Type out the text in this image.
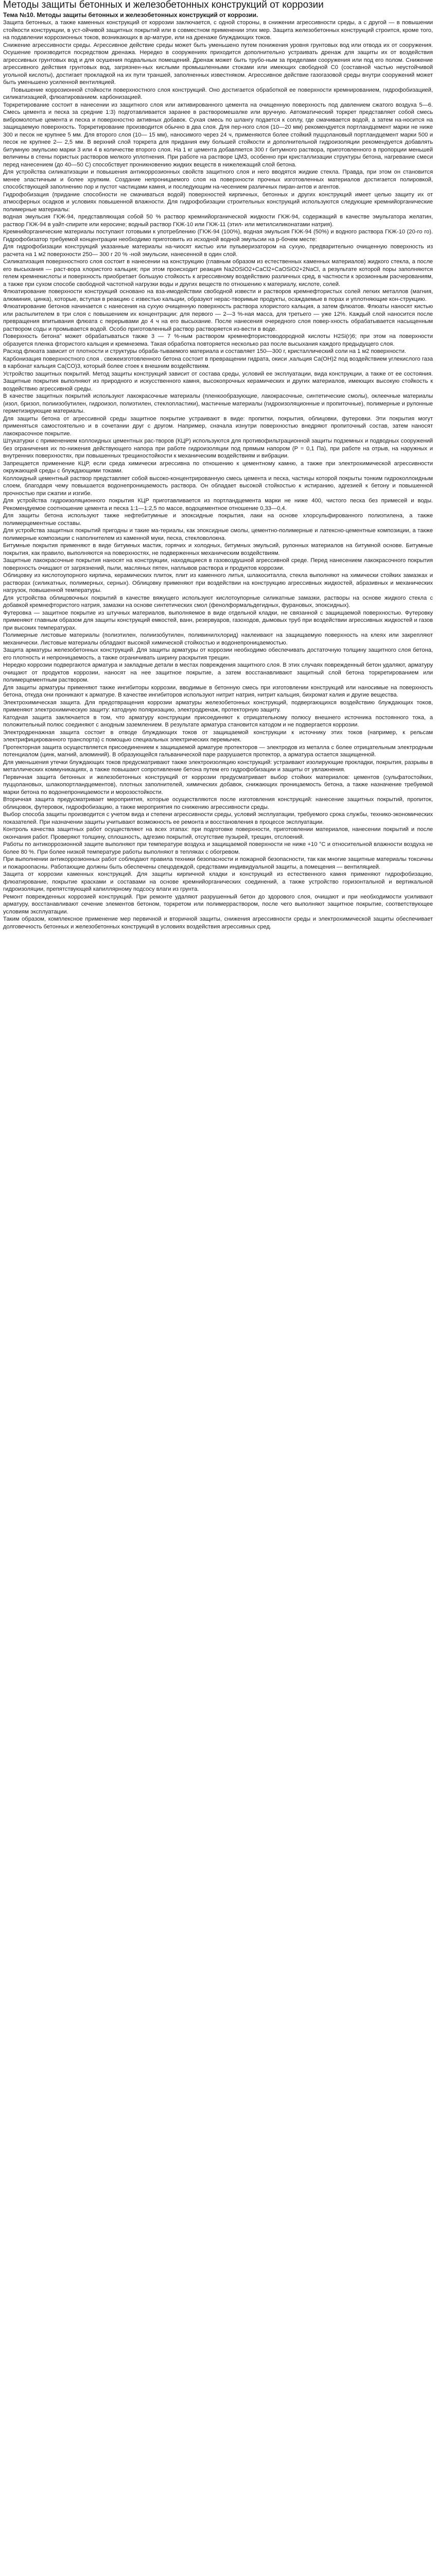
Методы защиты бетонных и железобетонных конструкций от коррозии
Тема №10. Методы защиты бетонных и железобетонных конструкций от коррозии.

Защита бетонных, а также каменных конструкций от коррозии заключается, с одной стороны, в снижении агрессивности среды, а с другой — в повышении стойкости конструкции, в уст-ойчивой защитных покрытий или в совместном применении этих мер. Защита железобетонных конструкций строится, кроме того, на подавлении коррозионных токов, возникающих в ар-матуре, или на дренаже блуждающих токов.

Снижение агрессивности среды. Агрессивное действие среды может быть уменьшено путем понижения уровня грунтовых вод или отвода их от сооружения. Осушение производится посредством дренажа. Нередко в сооружениях приходится дополнительно устраивать дренаж для защиты их от воздействия агрессивных грунтовых вод и для осушения подвальных помещений. Дренаж может быть трубо-ным за пределами сооружения или под его полом. Снижение агрессивного действия грунтовых вод, загрязнен-ных кислыми промышленными стоками или имеющих свободной C0 (составной частью неустойчивой угольной кислоты), достигает прокладкой на их пути траншей, заполненных известняком. Агрессивное действие газогазовой среды внутри сооружений может быть уменьшено усиленной вентиляцией.

Повышение коррозионной стойкости поверхностного слоя конструкций. Оно достигается обработкой ее поверхности кремнированием, гидрофобизацией, силикатизацией, флюатированием. карбонизацией.

Торкретирование состоит в нанесении из защитного слоя или активированного цемента на очищенную поверхность под давлением сжатого воздуха 5—6. Смесь цемента и песка за средние 1:3) подготавливается заранее в растворомешалке или вручную. Автоматический торкрет представляет собой смесь вибромолотые цемента и песка и поверхностно активных добавок. Сухая смесь по шлангу подается к соплу, где смачивается водой, а затем на-носится на защищаемую поверхность. Торкретирование производится обычно в два слоя. Для пер-ного слоя (10—20 мм) рекомендуется портландцемент марки не ниже 300 и песок не крупнее 5 мм. Для второго слоя (10— 15 мм), наносимого через 24 ч, применяются более стойкий пуццолановый портландцемент марки 500 и песок не крупнее 2— 2,5 мм. В верхний слой торкрета для придания ему большей стойкости и дополнительной гидроизоляции рекомендуется добавлять битумную эмульсию марки 3 или 4 в количестве второго слоя. На 1 кг цемента добавляется 300 г битумного раствора, приготовленного в пропорции меньшей величины в стены пористых растворов мелкого уплотнения. При работе на растворе ЦМЗ, особенно при кристаллизации структуры бетона, нагревание смеси перед нанесением (до 40—50 С) способствует проникновению жидких веществ в нижележащий слой бетона.

Для устройства силикатизации и повышения антикоррозионных свойств защитного слоя и него вводятся жидкие стекла. Правда, при этом он становится менее эластичным и более хрупким. Создание непроницаемого слоя на поверхности прочных изготовленных материалов достигается полировкой, способствующей заполнению пор и пустот частицами камня, и последующим на-чесением различных пиран-антов и агентов.

Гидрофобизация (придание способности не смачиваться водой) поверхностей кирпичных, бетонных и других конструкций имеет целью защиту их от атмосферных осадков и условиях повышенной влажности. Для гидрофобизации строительных конструкций используются следующие кремнийорганические полимерные материалы:

водная эмульсия ГКЖ-94, представляющая собой 50 % раствор кремнийорганической жидкости ГКЖ-94, содержащий в качестве эмульгатора желатин, раствор ГКЖ-94 в уайт-спирите или керосине; водный раствор ГКЖ-10 или ГКЖ-11 (этил- или метилсиликонатами натрия).

Кремнийорганические материалы поступают готовыми к употреблению (ГКЖ-94 (100%), водная эмульсия ГКЖ-94 (50%) и водного раствора ГКЖ-10 (20-го го). Гидрофобизатор требуемой концентрации необходимо приготовить из исходной водной эмульсии на р-бочем месте:

Для гидрофобизации конструкций указанные материалы на-чиосят кистью или пульверизатором на сухую, предварительно очищенную поверхность из расчета на 1 м2 поверхности 250— 300 г 20 % -ной эмульсии, нанесенной в один слой.

Силикатизация поверхностного слоя состоит в нанесении на конструкцию (главным образом из естественных каменных материалов) жидкого стекла, а после его высыхания — раст-вора хлористого кальция; при этом происходит реакция Na2OSiO2+CaCl2+CaOSiO2+2NaCl, а результате которой поры заполняются гелем кремнекислоты и поверхность приобретает большую стойкость к агрессивному воздействию различных сред, в частности к эрозионным расчерованиям, а также при сухом способе свободной частотной нагрузки воды и других веществ по отношению к материалу, кислоте, солей.

Флюатирование поверхности конструкций основано на вза-имодействии свободной извести и растворов кремнефтористых солей легких металлов (магния, алюминия, цинка), которые, вступая в реакцию с известью кальции, образуют нерас-творимые продукты, осаждаемые в порах и уплотняющие кон-струкцию.

Флюатирование бетонов начинается с нанесения на сухую очищенную поверхность раствора хлористого кальция, а затем флюатов. Флюаты наносят кистью или распылителем в три слоя с повышением их концентрации: для первого — 2—3 %-ная масса, для третьего — уже 12%. Каждый слой наносится после превращения впитывания флюата с перерывами до 4 ч на его высыхание. После нанесения очередного слоя повер-хность обрабатывается насыщенным раствором соды и промывается водой. Особо приготовленный раствор растворяется из-вести в воде.

Поверхность бетона" может обрабатываться также 3 — 7 %-ным раствором кремнефтористоводородной кислоты H2Si(r)6; при этом на поверхности образуется пленка фтористого кальция и кремнезема. Такая обработка повторяется несколько раз после высыхания каждого предыдущего слоя.

Расход флюата зависит от плотности и структуры обраба-тываемого материала и составляет 150—300 г, кристаллический соли на 1 м2 поверхности.

Карбонизация поверхностного слоя . свежеизготовленного бетона состоит в превращении гидрата, окиси ,кальция Ca(OH)2 под воздействием углекислого газа в карбонат кальция Ca(CO)3, который более стоек к внешним воздействиям.

Устройство защитных покрытий. Метод защиты конструкций зависит от состава среды, условий ее эксплуатации, вида конструкции, а также от ее состояния. Защитные покрытия выполняют из природного и искусственного камня, высокопрочных керамических и других материалов, имеющих высокую стойкость к воздействию агрессивной среды.

В качестве защитных покрытий используют лакокрасочные материалы (пленкообразующие, лакокрасочные, синтетические смолы), оклеечные материалы (изол, бризол, полиизобутилен, гидроизол, полиэтилен, стеклопластики), мастичные материалы (гидроизоляционные и пропиточные), полимерные и рулонные герметизирующие материалы.

Для защиты бетона от агрессивной среды защитное покрытие устраивают в виде: пропитки, покрытия, облицовки, футеровки. Эти покрытия могут применяться самостоятельно и в сочетании друг с другом. Например, сначала изнутри поверхностью внедряют пропиточный состав, затем наносят лакокрасочное покрытие.

Штукатурки с применением коллоидных цементных рас-творов (КЦР) используются для противофильтрационной защиты подземных и подводных сооружений без ограничения их по-нижения действующего напора при работе гидроизоляции под прямым напором (Р = 0,1 Па), при работе на отрыв, на наружных и внутренних поверхностях, при повышенных трещиностойкости к механическим воздействиям и вибрации.

Запрещается применение КЦР, если среда химически агрессивна по отношению к цементному камню, а также при электрохимической агрессивности окружающей среды с блуждающими токами.

Коллоидный цементный раствор представляет собой высоко-концентрированную смесь цемента и песка, частицы которой покрыты тонким гидроколлоидным слоем, благодаря чему повышается водонепроницаемость раствора. Он обладает высокой стойкостью к истиранию, адгезией к бетону и повышенной прочностью при сжатии и изгибе.

Для устройства гидроизоляционного покрытия КЦР приготавливается из портландцемента марки не ниже 400, чистого песка без примесей и воды. Рекомендуемое соотношение цемента и песка 1:1—1:2,5 по массе, водоцементное отношение 0,33—0,4.

Для защиты бетона используют также нефтебитумные и эпоксидные покрытия, лаки на основе хлорсульфированного полиэтилена, а также полимерцементные составы.

Для устройства защитных покрытий пригодны и такие ма-териалы, как эпоксидные смолы, цементно-полимерные и латексно-цементные композиции, а также полимерные композиции с наполнителем из каменной муки, песка, стекловолокна.

Битумные покрытия применяют в виде битумных мастик, горячих и холодных, битумных эмульсий, рулонных материалов на битумной основе. Битумные покрытия, как правило, выполняются на поверхностях, не подверженных механическим воздействиям.

Защитные лакокрасочные покрытия наносят на конструкции, находящиеся в газовоздушной агрессивной среде. Перед нанесением лакокрасочного покрытия поверхность очищают от загрязнений, пыли, масляных пятен, наплывов раствора и продуктов коррозии.

Облицовку из кислотоупорного кирпича, керамических плиток, плит из каменного литья, шлакоситалла, стекла выполняют на химически стойких замазках и растворах (силикатных, полимерных, серных). Облицовку применяют при воздействии на конструкцию агрессивных жидкостей, абразивных и механических нагрузок, повышенной температуры.

Для устройства облицовочных покрытий в качестве вяжущего используют кислотоупорные силикатные замазки, растворы на основе жидкого стекла с добавкой кремнефтористого натрия, замазки на основе синтетических смол (фенолформальдегидных, фурановых, эпоксидных).

Футеровка — защитное покрытие из штучных материалов, выполняемое в виде отдельной кладки, не связанной с защищаемой поверхностью. Футеровку применяют главным образом для защиты конструкций емкостей, ванн, резервуаров, газоходов, дымовых труб при воздействии агрессивных жидкостей и газов при высоких температурах.

Полимерные листовые материалы (полиэтилен, полиизобутилен, поливинилхлорид) наклеивают на защищаемую поверхность на клеях или закрепляют механически. Листовые материалы обладают высокой химической стойкостью и водонепроницаемостью.

Защита арматуры железобетонных конструкций. Для защиты арматуры от коррозии необходимо обеспечивать достаточную толщину защитного слоя бетона, его плотность и непроницаемость, а также ограничивать ширину раскрытия трещин.

Нередко коррозии подвергаются арматура и закладные детали в местах повреждения защитного слоя. В этих случаях поврежденный бетон удаляют, арматуру очищают от продуктов коррозии, наносят на нее защитное покрытие, а затем восстанавливают защитный слой бетона торкретированием или полимерцементным раствором.

Для защиты арматуры применяют также ингибиторы коррозии, вводимые в бетонную смесь при изготовлении конструкций или наносимые на поверхность бетона, откуда они проникают к арматуре. В качестве ингибиторов используют нитрит натрия, нитрит кальция, бихромат калия и другие вещества.

Электрохимическая защита. Для предотвращения коррозии арматуры железобетонных конструкций, подвергающихся воздействию блуждающих токов, применяют электрохимическую защиту: катодную поляризацию, электродренаж, протекторную защиту.

Катодная защита заключается в том, что арматуру конструкции присоединяют к отрицательному полюсу внешнего источника постоянного тока, а положительный полюс соединяют с анодным заземлением. В результате арматура становится катодом и не подвергается коррозии.

Электродренажная защита состоит в отводе блуждающих токов от защищаемой конструкции к источнику этих токов (например, к рельсам электрифицированного транспорта) с помощью специальных электрических перемычек.

Протекторная защита осуществляется присоединением к защищаемой арматуре протекторов — электродов из металла с более отрицательным электродным потенциалом (цинк, магний, алюминий). В образующейся гальванической паре разрушается протектор, а арматура остается защищенной.

Для уменьшения утечки блуждающих токов предусматривают также электроизоляцию конструкций: устраивают изолирующие прокладки, покрытия, разрывы в металлических коммуникациях, а также повышают сопротивление бетона путем его гидрофобизации и защиты от увлажнения.

Первичная защита бетонных и железобетонных конструкций от коррозии предусматривает выбор стойких материалов: цементов (сульфатостойких, пуццолановых, шлакопортландцементов), плотных заполнителей, химических добавок, снижающих проницаемость бетона, а также назначение требуемой марки бетона по водонепроницаемости и морозостойкости.

Вторичная защита предусматривает мероприятия, которые осуществляются после изготовления конструкций: нанесение защитных покрытий, пропиток, облицовок, футеровок, гидрофобизацию, а также мероприятия по снижению агрессивности среды.

Выбор способа защиты производится с учетом вида и степени агрессивности среды, условий эксплуатации, требуемого срока службы, технико-экономических показателей. При назначении защиты учитывают возможность ее ремонта и восстановления в процессе эксплуатации.

Контроль качества защитных работ осуществляют на всех этапах: при подготовке поверхности, приготовлении материалов, нанесении покрытий и после окончания работ. Проверяют толщину, сплошность, адгезию покрытий, отсутствие пузырей, трещин, отслоений.

Работы по антикоррозионной защите выполняют при температуре воздуха и защищаемой поверхности не ниже +10 °С и относительной влажности воздуха не более 80 %. При более низкой температуре работы выполняют в тепляках с обогревом.

При выполнении антикоррозионных работ соблюдают правила техники безопасности и пожарной безопасности, так как многие защитные материалы токсичны и пожароопасны. Работающие должны быть обеспечены спецодеждой, средствами индивидуальной защиты, а помещения — вентиляцией.

Защита от коррозии каменных конструкций. Для защиты кирпичной кладки и конструкций из естественного камня применяют гидрофобизацию, флюатирование, покрытие красками и составами на основе кремнийорганических соединений, а также устройство горизонтальной и вертикальной гидроизоляции, препятствующей капиллярному подсосу влаги из грунта.

Ремонт поврежденных коррозией конструкций. При ремонте удаляют разрушенный бетон до здорового слоя, очищают и при необходимости усиливают арматуру, восстанавливают сечение элементов бетоном, торкретом или полимерраствором, после чего выполняют защитное покрытие, соответствующее условиям эксплуатации.

Таким образом, комплексное применение мер первичной и вторичной защиты, снижения агрессивности среды и электрохимической защиты обеспечивает долговечность бетонных и железобетонных конструкций в условиях воздействия агрессивных сред.
